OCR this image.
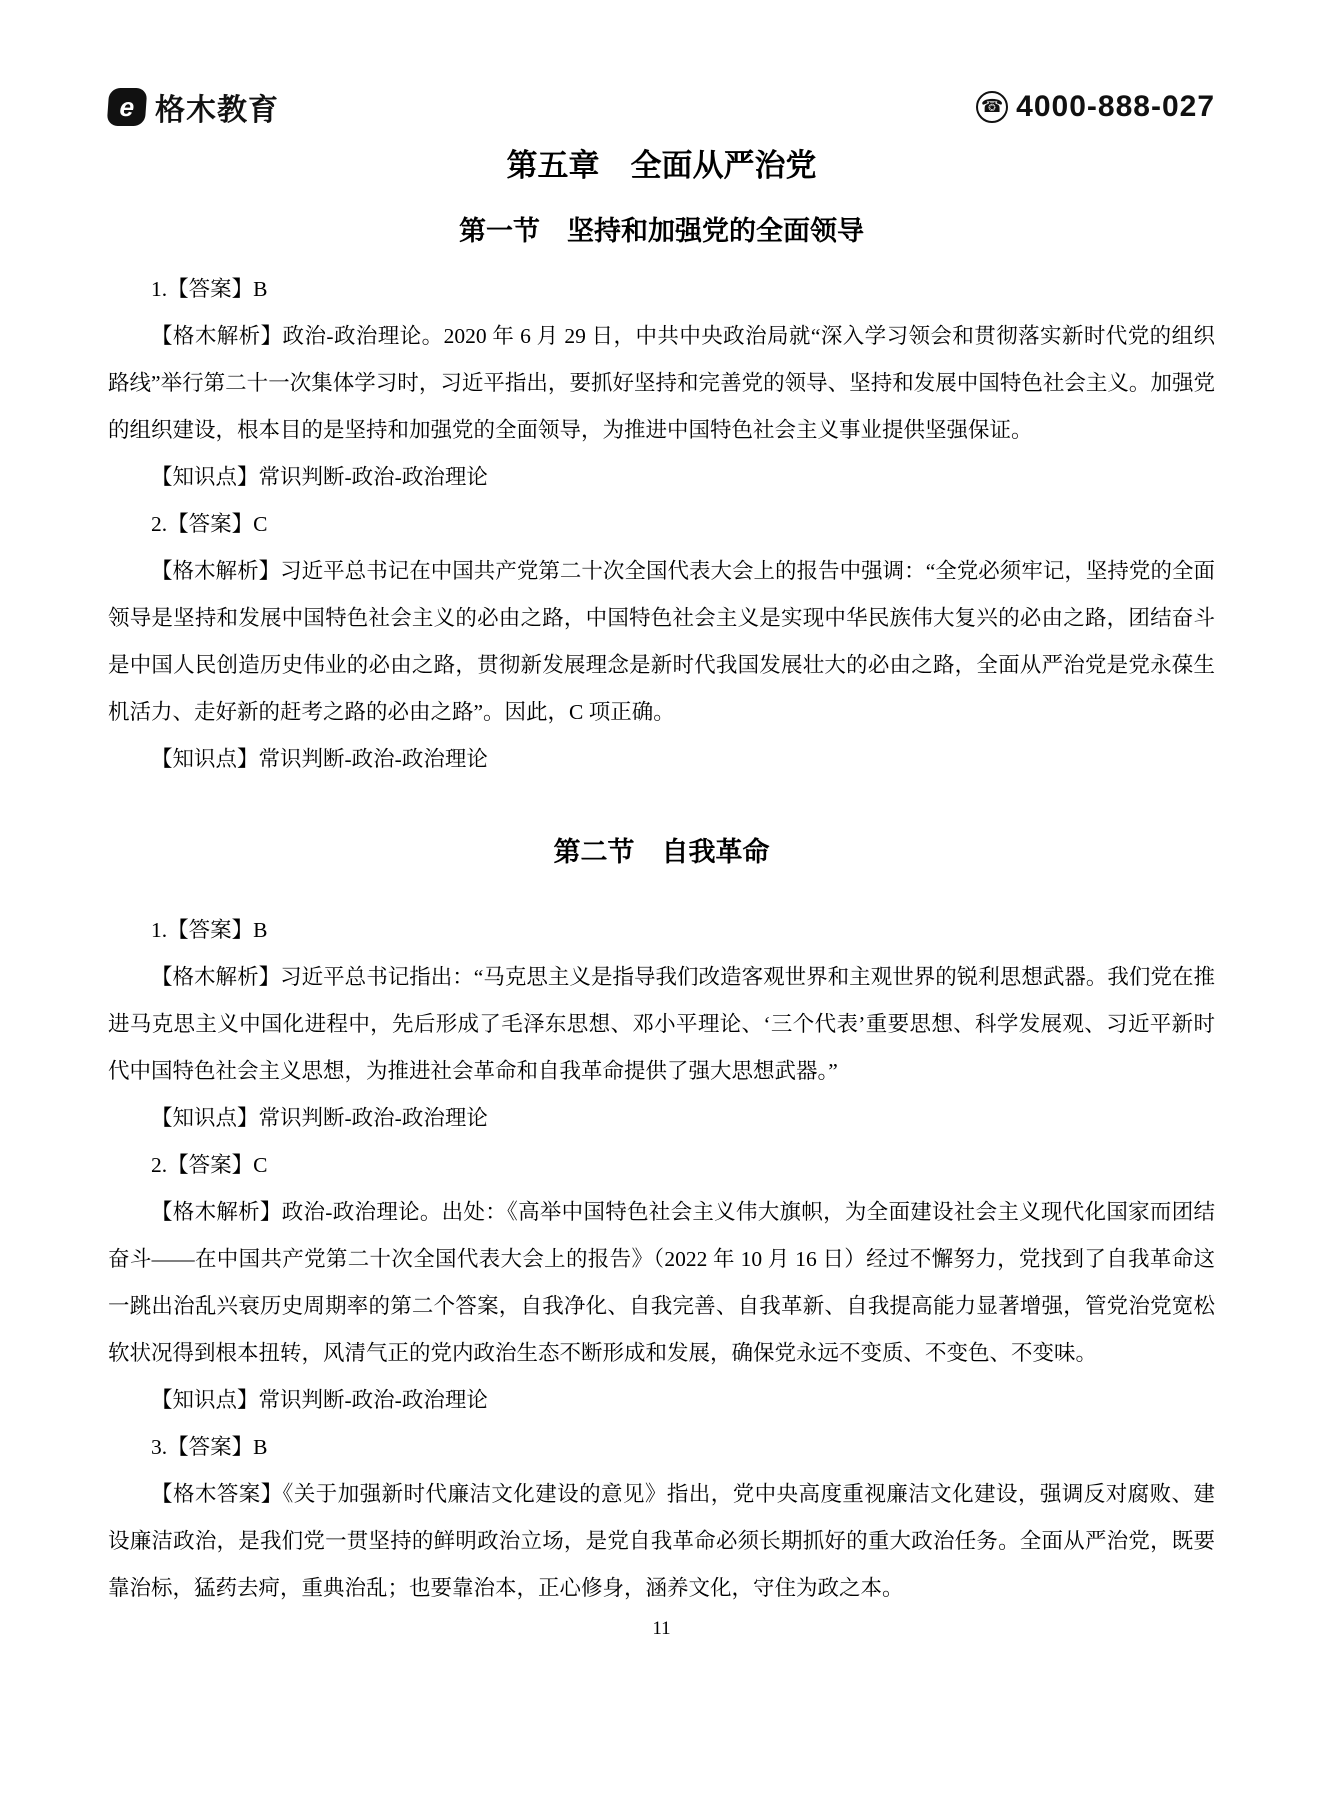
e 格木教育	☎ 4000-888-027
第五章　全面从严治党
第一节　坚持和加强党的全面领导

1.【答案】B

【格木解析】政治-政治理论。2020 年 6 月 29 日，中共中央政治局就“深入学习领会和贯彻落实新时代党的组织路线”举行第二十一次集体学习时，习近平指出，要抓好坚持和完善党的领导、坚持和发展中国特色社会主义。加强党的组织建设，根本目的是坚持和加强党的全面领导，为推进中国特色社会主义事业提供坚强保证。

【知识点】常识判断-政治-政治理论

2.【答案】C

【格木解析】习近平总书记在中国共产党第二十次全国代表大会上的报告中强调：“全党必须牢记，坚持党的全面领导是坚持和发展中国特色社会主义的必由之路，中国特色社会主义是实现中华民族伟大复兴的必由之路，团结奋斗是中国人民创造历史伟业的必由之路，贯彻新发展理念是新时代我国发展壮大的必由之路，全面从严治党是党永葆生机活力、走好新的赶考之路的必由之路”。因此，C 项正确。

【知识点】常识判断-政治-政治理论

第二节　自我革命

1.【答案】B

【格木解析】习近平总书记指出：“马克思主义是指导我们改造客观世界和主观世界的锐利思想武器。我们党在推进马克思主义中国化进程中，先后形成了毛泽东思想、邓小平理论、‘三个代表’重要思想、科学发展观、习近平新时代中国特色社会主义思想，为推进社会革命和自我革命提供了强大思想武器。”

【知识点】常识判断-政治-政治理论

2.【答案】C

【格木解析】政治-政治理论。出处：《高举中国特色社会主义伟大旗帜，为全面建设社会主义现代化国家而团结奋斗——在中国共产党第二十次全国代表大会上的报告》（2022 年 10 月 16 日）经过不懈努力，党找到了自我革命这一跳出治乱兴衰历史周期率的第二个答案，自我净化、自我完善、自我革新、自我提高能力显著增强，管党治党宽松软状况得到根本扭转，风清气正的党内政治生态不断形成和发展，确保党永远不变质、不变色、不变味。

【知识点】常识判断-政治-政治理论

3.【答案】B

【格木答案】《关于加强新时代廉洁文化建设的意见》指出，党中央高度重视廉洁文化建设，强调反对腐败、建设廉洁政治，是我们党一贯坚持的鲜明政治立场，是党自我革命必须长期抓好的重大政治任务。全面从严治党，既要靠治标，猛药去疴，重典治乱；也要靠治本，正心修身，涵养文化，守住为政之本。

11
